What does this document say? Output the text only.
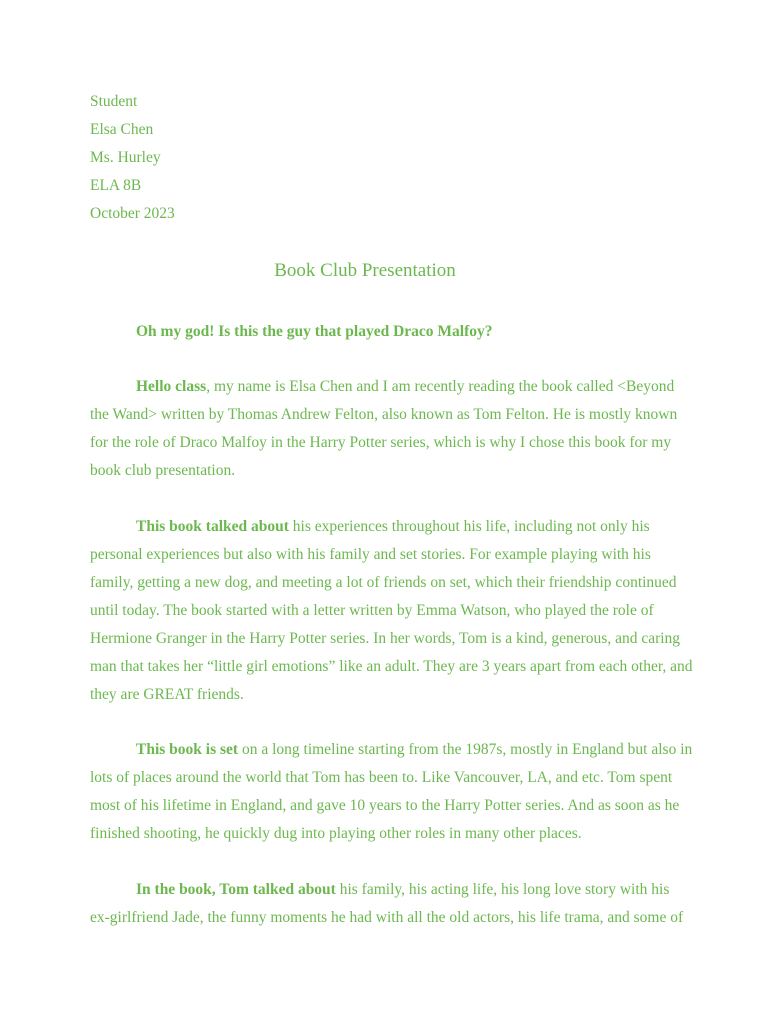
Student
Elsa Chen
Ms. Hurley
ELA 8B
October 2023
Book Club Presentation
Oh my god! Is this the guy that played Draco Malfoy?
Hello class, my name is Elsa Chen and I am recently reading the book called <Beyond
the Wand> written by Thomas Andrew Felton, also known as Tom Felton. He is mostly known
for the role of Draco Malfoy in the Harry Potter series, which is why I chose this book for my
book club presentation.
This book talked about his experiences throughout his life, including not only his
personal experiences but also with his family and set stories. For example playing with his
family, getting a new dog, and meeting a lot of friends on set, which their friendship continued
until today. The book started with a letter written by Emma Watson, who played the role of
Hermione Granger in the Harry Potter series. In her words, Tom is a kind, generous, and caring
man that takes her “little girl emotions” like an adult. They are 3 years apart from each other, and
they are GREAT friends.
This book is set on a long timeline starting from the 1987s, mostly in England but also in
lots of places around the world that Tom has been to. Like Vancouver, LA, and etc. Tom spent
most of his lifetime in England, and gave 10 years to the Harry Potter series. And as soon as he
finished shooting, he quickly dug into playing other roles in many other places.
In the book, Tom talked about his family, his acting life, his long love story with his
ex-girlfriend Jade, the funny moments he had with all the old actors, his life trama, and some of
